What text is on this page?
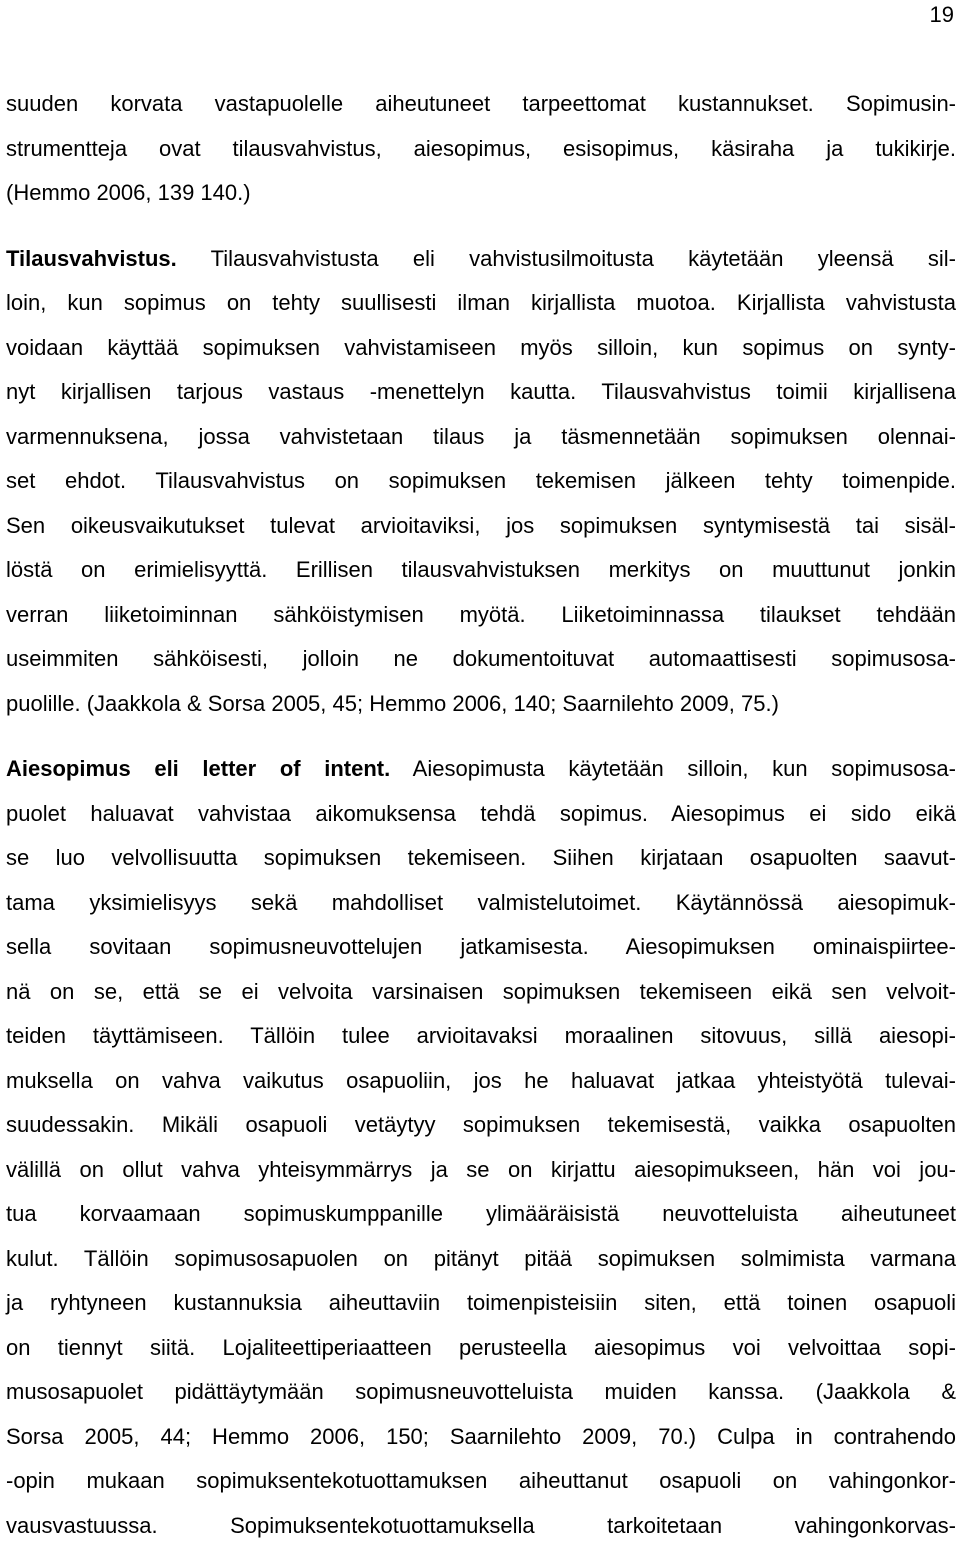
19
suuden korvata vastapuolelle aiheutuneet tarpeettomat kustannukset. Sopimusin-
strumentteja ovat tilausvahvistus, aiesopimus, esisopimus, käsiraha ja tukikirje.
(Hemmo 2006, 139 140.)
Tilausvahvistus. Tilausvahvistusta eli vahvistusilmoitusta käytetään yleensä sil-
loin, kun sopimus on tehty suullisesti ilman kirjallista muotoa. Kirjallista vahvistusta
voidaan käyttää sopimuksen vahvistamiseen myös silloin, kun sopimus on synty-
nyt kirjallisen tarjous vastaus -menettelyn kautta. Tilausvahvistus toimii kirjallisena
varmennuksena, jossa vahvistetaan tilaus ja täsmennetään sopimuksen olennai-
set ehdot. Tilausvahvistus on sopimuksen tekemisen jälkeen tehty toimenpide.
Sen oikeusvaikutukset tulevat arvioitaviksi, jos sopimuksen syntymisestä tai sisäl-
löstä on erimielisyyttä. Erillisen tilausvahvistuksen merkitys on muuttunut jonkin
verran liiketoiminnan sähköistymisen myötä. Liiketoiminnassa tilaukset tehdään
useimmiten sähköisesti, jolloin ne dokumentoituvat automaattisesti sopimusosa-
puolille. (Jaakkola & Sorsa 2005, 45; Hemmo 2006, 140; Saarnilehto 2009, 75.)
Aiesopimus eli letter of intent. Aiesopimusta käytetään silloin, kun sopimusosa-
puolet haluavat vahvistaa aikomuksensa tehdä sopimus. Aiesopimus ei sido eikä
se luo velvollisuutta sopimuksen tekemiseen. Siihen kirjataan osapuolten saavut-
tama yksimielisyys sekä mahdolliset valmistelutoimet. Käytännössä aiesopimuk-
sella sovitaan sopimusneuvottelujen jatkamisesta. Aiesopimuksen ominaispiirtee-
nä on se, että se ei velvoita varsinaisen sopimuksen tekemiseen eikä sen velvoit-
teiden täyttämiseen. Tällöin tulee arvioitavaksi moraalinen sitovuus, sillä aiesopi-
muksella on vahva vaikutus osapuoliin, jos he haluavat jatkaa yhteistyötä tulevai-
suudessakin. Mikäli osapuoli vetäytyy sopimuksen tekemisestä, vaikka osapuolten
välillä on ollut vahva yhteisymmärrys ja se on kirjattu aiesopimukseen, hän voi jou-
tua korvaamaan sopimuskumppanille ylimääräisistä neuvotteluista aiheutuneet
kulut. Tällöin sopimusosapuolen on pitänyt pitää sopimuksen solmimista varmana
ja ryhtyneen kustannuksia aiheuttaviin toimenpisteisiin siten, että toinen osapuoli
on tiennyt siitä. Lojaliteettiperiaatteen perusteella aiesopimus voi velvoittaa sopi-
musosapuolet pidättäytymään sopimusneuvotteluista muiden kanssa. (Jaakkola &
Sorsa 2005, 44; Hemmo 2006, 150; Saarnilehto 2009, 70.) Culpa in contrahendo
-opin mukaan sopimuksentekotuottamuksen aiheuttanut osapuoli on vahingonkor-
vausvastuussa. Sopimuksentekotuottamuksella tarkoitetaan vahingonkorvas-
